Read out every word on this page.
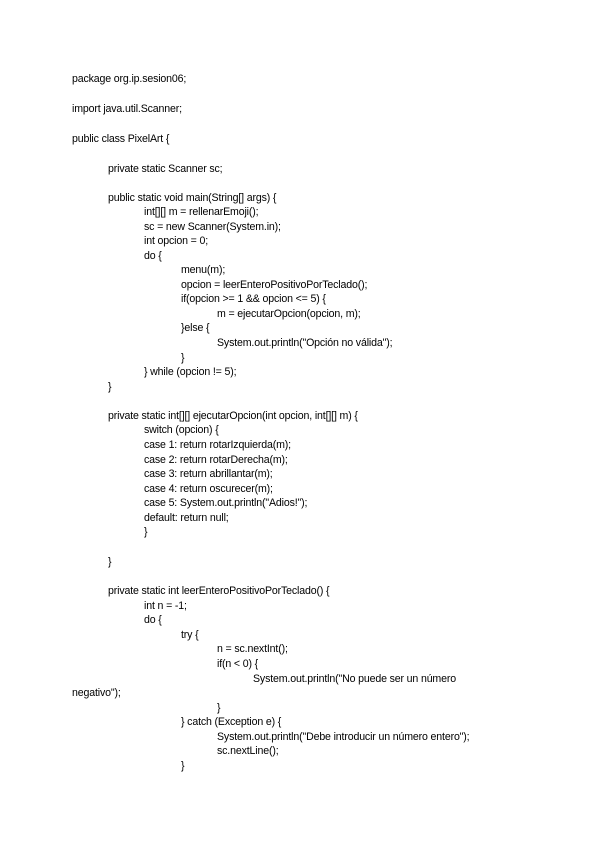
package org.ip.sesion06;
import java.util.Scanner;
public class PixelArt {
private static Scanner sc;
public static void main(String[] args) {
int[][] m = rellenarEmoji();
sc = new Scanner(System.in);
int opcion = 0;
do {
menu(m);
opcion = leerEnteroPositivoPorTeclado();
if(opcion >= 1 && opcion <= 5) {
m = ejecutarOpcion(opcion, m);
}else {
System.out.println("Opción no válida");
}
} while (opcion != 5);
}
private static int[][] ejecutarOpcion(int opcion, int[][] m) {
switch (opcion) {
case 1: return rotarIzquierda(m);
case 2: return rotarDerecha(m);
case 3: return abrillantar(m);
case 4: return oscurecer(m);
case 5: System.out.println("Adios!");
default: return null;
}
}
private static int leerEnteroPositivoPorTeclado() {
int n = -1;
do {
try {
n = sc.nextInt();
if(n < 0) {
System.out.println("No puede ser un número
negativo");
}
} catch (Exception e) {
System.out.println("Debe introducir un número entero");
sc.nextLine();
}
